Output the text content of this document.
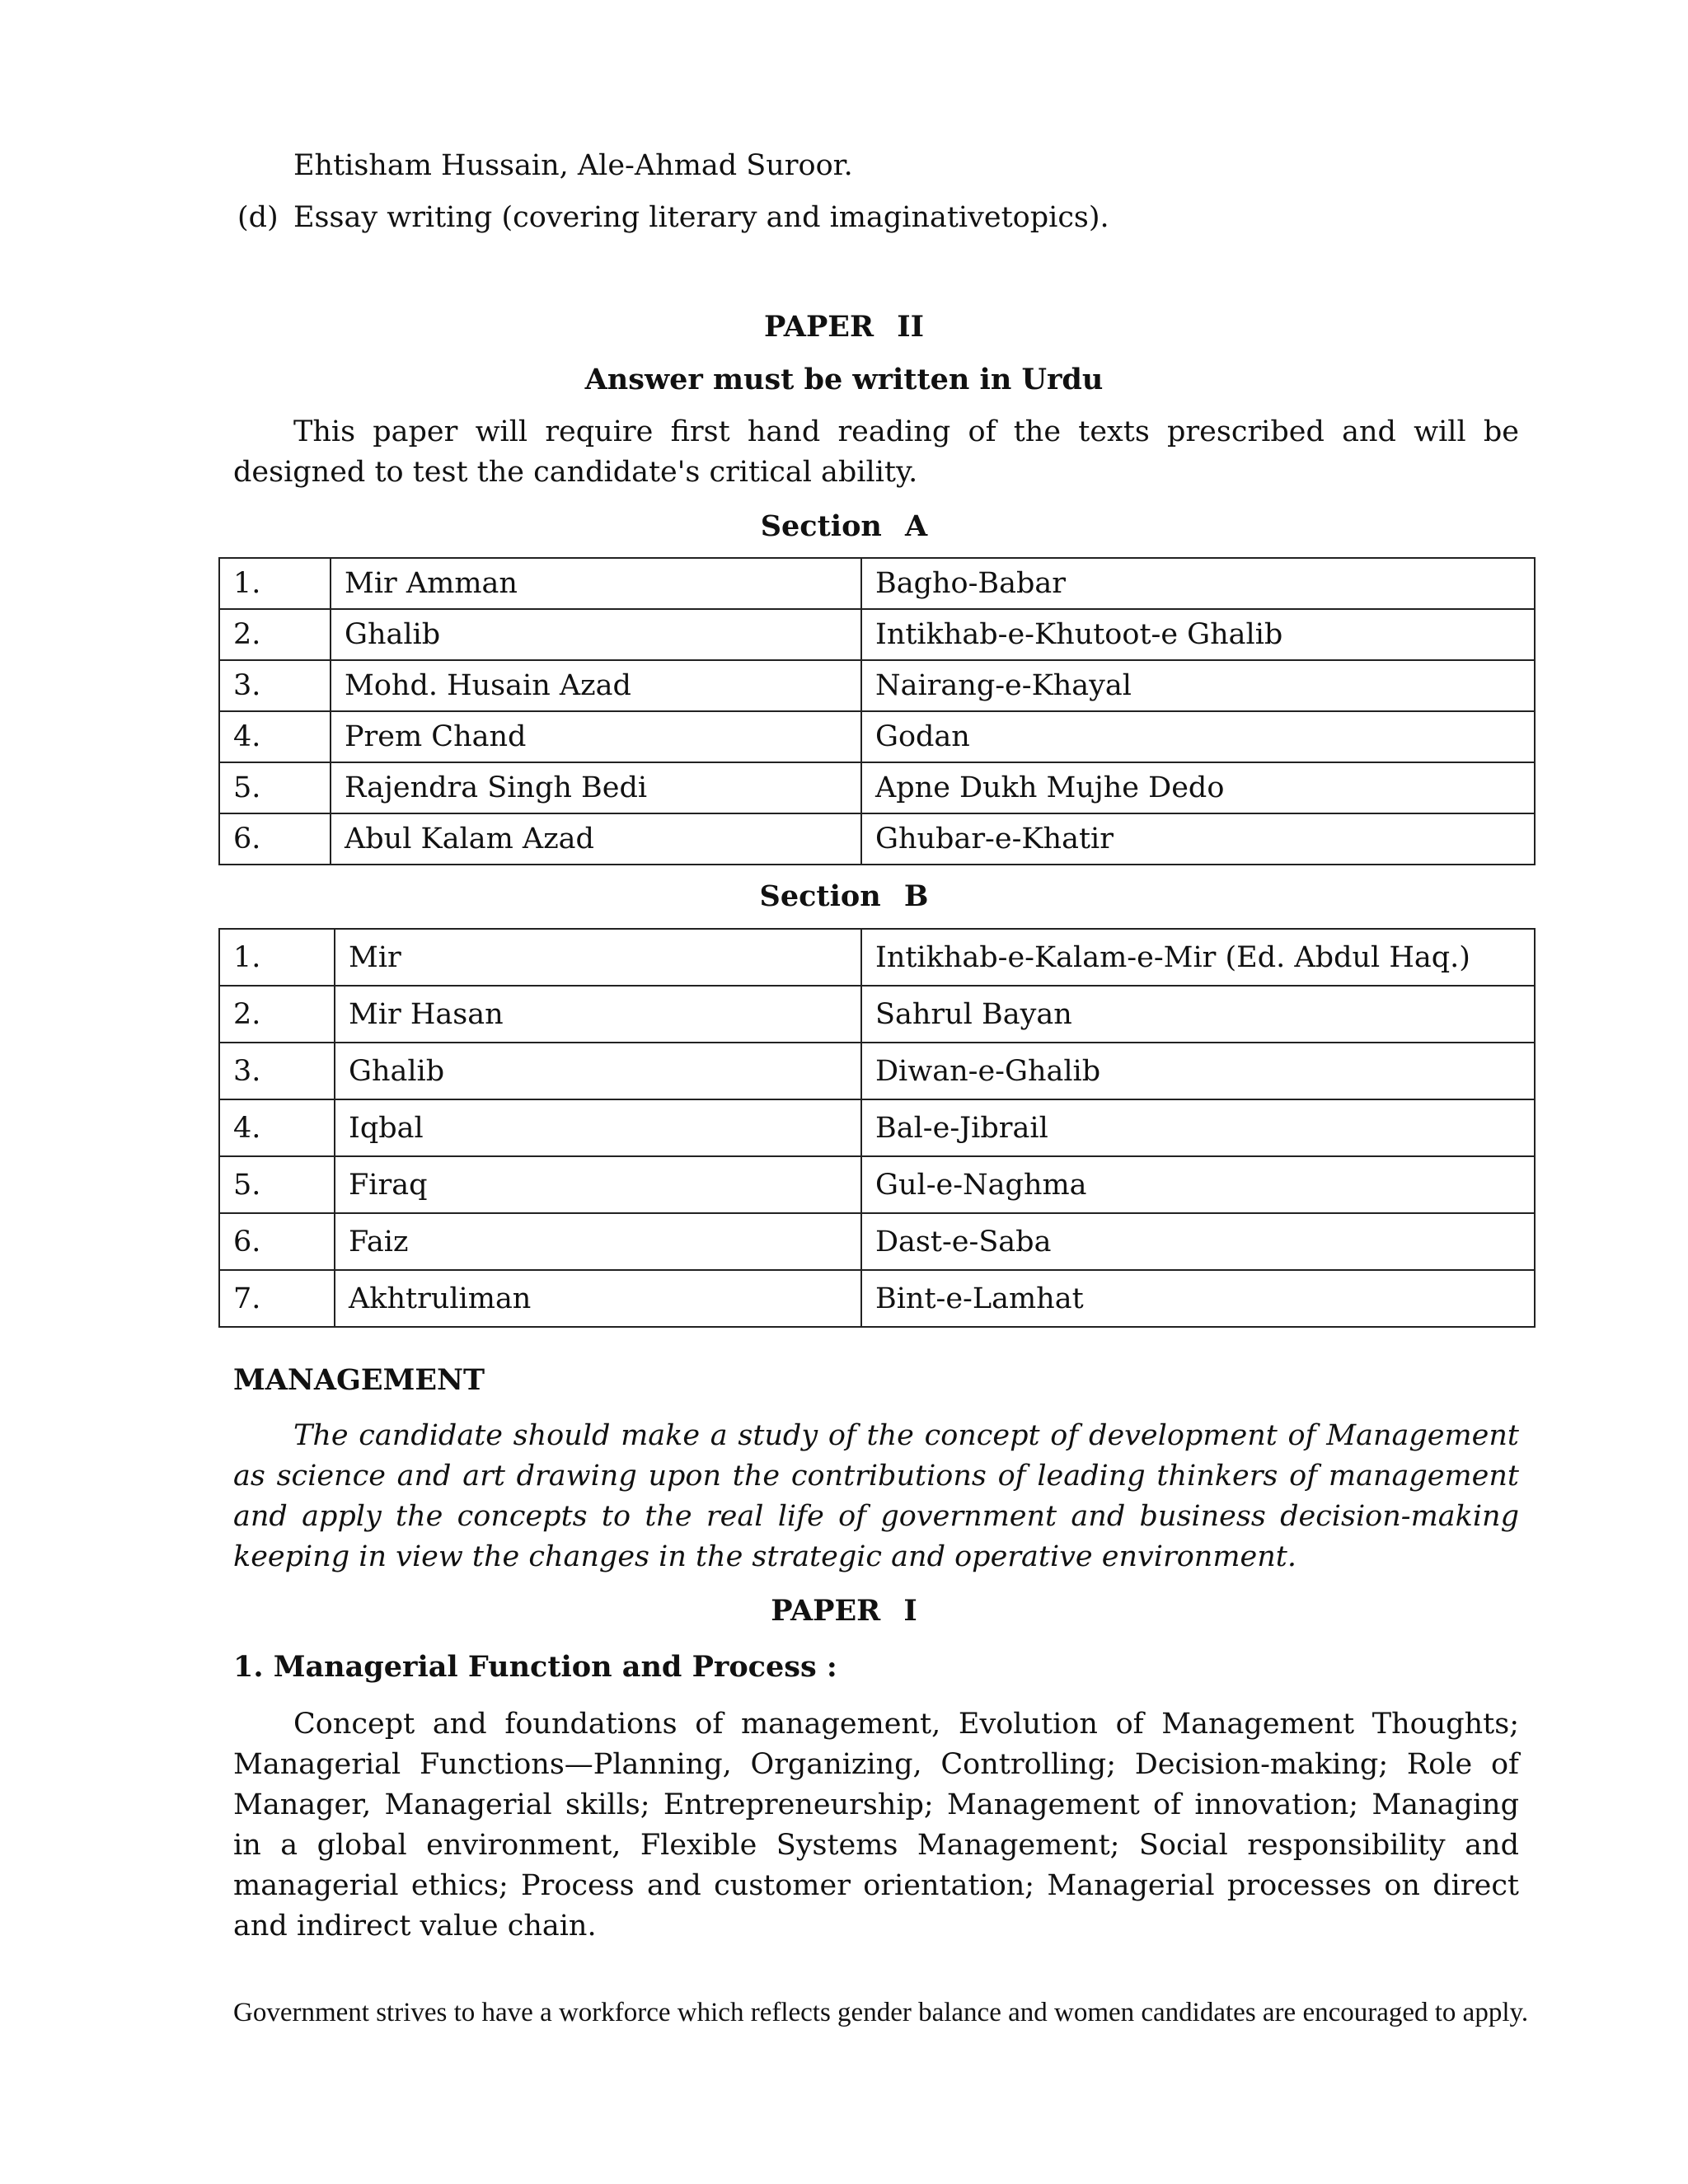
Ehtisham Hussain, Ale-Ahmad Suroor.
(d) Essay writing (covering literary and imaginativetopics).
PAPER II
Answer must be written in Urdu
This paper will require first hand reading of the texts prescribed and will be designed to test the candidate's critical ability.
Section A
1.	Mir Amman	Bagho-Babar
2.	Ghalib	Intikhab-e-Khutoot-e Ghalib
3.	Mohd. Husain Azad	Nairang-e-Khayal
4.	Prem Chand	Godan
5.	Rajendra Singh Bedi	Apne Dukh Mujhe Dedo
6.	Abul Kalam Azad	Ghubar-e-Khatir
Section B
1.	Mir	Intikhab-e-Kalam-e-Mir (Ed. Abdul Haq.)
2.	Mir Hasan	Sahrul Bayan
3.	Ghalib	Diwan-e-Ghalib
4.	Iqbal	Bal-e-Jibrail
5.	Firaq	Gul-e-Naghma
6.	Faiz	Dast-e-Saba
7.	Akhtruliman	Bint-e-Lamhat
MANAGEMENT
The candidate should make a study of the concept of development of Management as science and art drawing upon the contributions of leading thinkers of management and apply the concepts to the real life of government and business decision-making keeping in view the changes in the strategic and operative environment.
PAPER I
1. Managerial Function and Process :
Concept and foundations of management, Evolution of Management Thoughts; Managerial Functions—Planning, Organizing, Controlling; Decision-making; Role of Manager, Managerial skills; Entrepreneurship; Management of innovation; Managing in a global environment, Flexible Systems Management; Social responsibility and managerial ethics; Process and customer orientation; Managerial processes on direct and indirect value chain.
Government strives to have a workforce which reflects gender balance and women candidates are encouraged to apply.
